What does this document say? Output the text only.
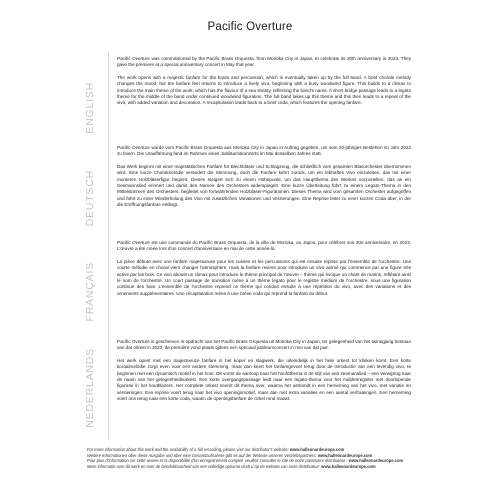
Pacific Overture
ENGLISH

Pacific Overture was commissioned by the Pacific Brass Orquesta, from Morioka City in Japan, to celebrate its 20th anniversary in 2023. They gave the premiere at a special anniversary concert in May that year.

The work opens with a majestic fanfare for the brass and percussion, which is eventually taken up by the full band. A brief chorale melody changes the mood, but the fanfare feel returns to introduce a lively vivo, beginning with a busy woodwind figure. This builds to a climax to introduce the main theme of the work, which has the flavour of a sea shanty, reflecting the band's name. A short bridge passage leads to a legato theme for the middle of the band under continued woodwind figuration. The full band takes up this theme and this then leads to a repeat of the vivo, with added variation and decoration. A recapitulation leads back to a brief coda, which features the opening fanfare.

DEUTSCH

Pacific Overture wurde vom Pacific Brass Orquesta aus Morioka City in Japan in Auftrag gegeben, um sein 20-jähriges Bestehen im Jahr 2023 zu feiern. Die Uraufführung fand im Rahmen eines Jubiläumskonzerts im Mai desselben Jahres statt.

Das Werk beginnt mit einer majestätischen Fanfare für Blechbläser und Schlagzeug, die schließlich vom gesamten Blasorchester übernommen wird. Eine kurze Choralmelodie verändert die Stimmung, doch die Fanfare kehrt zurück, um ein lebhaftes Vivo einzuleiten, das mit einer munteren Holzbläserfigur beginnt. Dieses steigert sich zu einem Höhepunkt, um das Hauptthema des Werkes vorzustellen, das an ein Seemannslied erinnert und damit den Namen des Orchesters widerspiegelt. Eine kurze Überleitung führt zu einem Legato-Thema in den Mittelstimmen des Orchesters, begleitet von fortwährenden Holzbläser-Figurationen. Dieses Thema wird vom gesamten Orchester aufgegriffen und führt zu einer Wiederholung des Vivo mit zusätzlichen Variationen und Verzierungen. Eine Reprise leitet zu einer kurzen Coda über, in der die Eröffnungsfanfare erklingt.

FRANÇAIS

Pacific Overture est une commande du Pacific Brass Orquesta, de la ville de Morioka, au Japon, pour célébrer son 20e anniversaire, en 2023. L'œuvre a été créée lors d'un concert d'anniversaire en mai de cette année-là.

La pièce débute avec une fanfare majestueuse pour les cuivres et les percussions qui est ensuite reprise par l'ensemble de l'orchestre. Une courte mélodie en choral vient changer l'atmosphère, mais la fanfare revient pour introduire un vivo animé qui commence par une figure très active par les bois. Ce vivo aboutit un climax pour introduire le thème principal de l'œuvre – thème qui évoque un chant de marins, reflétant ainsi le nom de l'orchestre. Un court passage de transition mène à un thème legato pour le registre médium de l'orchestre, sous une figuration continue des bois. L'ensemble de l'orchestre reprend ce thème qui conduit ensuite à une répétition du vivo, avec des variations et des ornements supplémentaires. Une récapitulation mène à une brève coda qui reprend la fanfare du début.

NEDERLANDS

Pacific Overture is geschreven in opdracht van het Pacific Brass Orquesta uit Morioka City in Japan, ter gelegenheid van het twintigjarig bestaan van dat orkest in 2023; de première vond plaats tijdens een speciaal jubileumconcert in mei van dat jaar.

Het werk opent met een majestueuze fanfare in het koper en slagwerk, die uiteindelijk in het hele orkest tot klinken komt. Een korte koraalmelodie zorgt even voor een andere stemming, maar dan keert het fanfaregevoel terug door de introductie van een levendig vivo, te beginnen met een dynamisch motief in het hout. Dit vormt de aanloop naar het hoofdthema in de stijl van een zeemanslied – een verwijzing naar de naam van het gelegenheidsorkest. Een korte overgangspassage leidt naar een legato-thema voor het middenregister met doorlopende figuratie in het houtblazers. Het complete orkest neemt dit thema over, waarna het uitmondt in een herneming van het vivo, met variatie en versieringen. Een reprise voert terug naar het vivo openingsmotief, maar dan met extra variaties en een aantal verfraaiingen. Een herneming voert ons terug naar een korte coda, waarin de openingsfanfare de cirkel rond maakt.

For more information about this work and the availability of a full recording, please visit our distributor's website: www.halleonardeurope.com

Weitere Informationen über diese Ausgabe und über eine Gesamtaufnahme gibt es auf der Website unseres Vertriebspartners: www.halleonardeurope.com

Pour plus d'information sur cette œuvre et la disponibilité d'un enregistrement complet, veuillez consulter le site de notre partenaire distributeur : www.halleonardeurope.com

Meer informatie over dit werk en over de beschikbaarheid van een volledige opname vindt u op de website van onze distributeur: www.halleonardeurope.com
